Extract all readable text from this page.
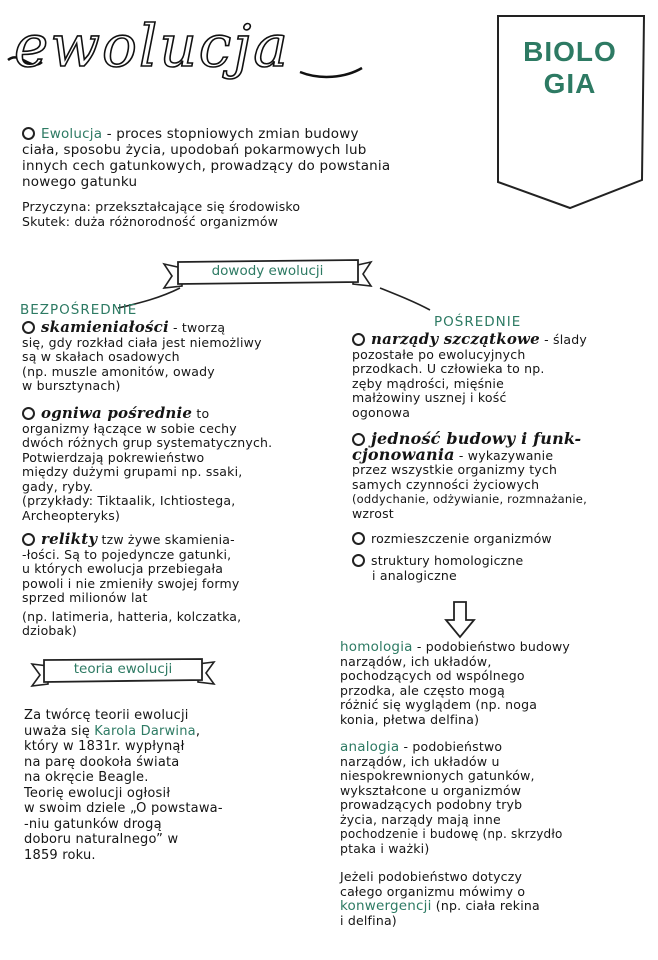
ewolucja	BIOLO GIA
Ewolucja - proces stopniowych zmian budowy
ciała, sposobu życia, upodobań pokarmowych lub
innych cech gatunkowych, prowadzący do powstania
nowego gatunku
Przyczyna: przekształcające się środowisko
Skutek: duża różnorodność organizmów
dowody ewolucji
BEZPOŚREDNIE
skamieniałości - tworzą
się, gdy rozkład ciała jest niemożliwy
są w skałach osadowych
(np. muszle amonitów, owady
w bursztynach)
ogniwa pośrednie to
organizmy łączące w sobie cechy
dwóch różnych grup systematycznych.
Potwierdzają pokrewieństwo
między dużymi grupami np. ssaki,
gady, ryby.
(przykłady: Tiktaalik, Ichtiostega,
Archeopteryks)
relikty tzw żywe skamienia-
-łości. Są to pojedyncze gatunki,
u których ewolucja przebiegała
powoli i nie zmieniły swojej formy
sprzed milionów lat
(np. latimeria, hatteria, kolczatka,
dziobak)
teoria ewolucji
Za twórcę teorii ewolucji
uważa się Karola Darwina,
który w 1831r. wypłynął
na parę dookoła świata
na okręcie Beagle.
Teorię ewolucji ogłosił
w swoim dziele „O powstawa-
-niu gatunków drogą
doboru naturalnego” w
1859 roku.
POŚREDNIE
narządy szczątkowe - ślady
pozostałe po ewolucyjnych
przodkach. U człowieka to np.
zęby mądrości, mięśnie
małżowiny usznej i kość
ogonowa
jedność budowy i funk-
cjonowania - wykazywanie
przez wszystkie organizmy tych
samych czynności życiowych
(oddychanie, odżywianie, rozmnażanie,
wzrost
rozmieszczenie organizmów
struktury homologiczne
i analogiczne
homologia - podobieństwo budowy
narządów, ich układów,
pochodzących od wspólnego
przodka, ale często mogą
różnić się wyglądem (np. noga
konia, płetwa delfina)
analogia - podobieństwo
narządów, ich układów u
niespokrewnionych gatunków,
wykształcone u organizmów
prowadzących podobny tryb
życia, narządy mają inne
pochodzenie i budowę (np. skrzydło
ptaka i ważki)
Jeżeli podobieństwo dotyczy
całego organizmu mówimy o
konwergencji (np. ciała rekina
i delfina)
